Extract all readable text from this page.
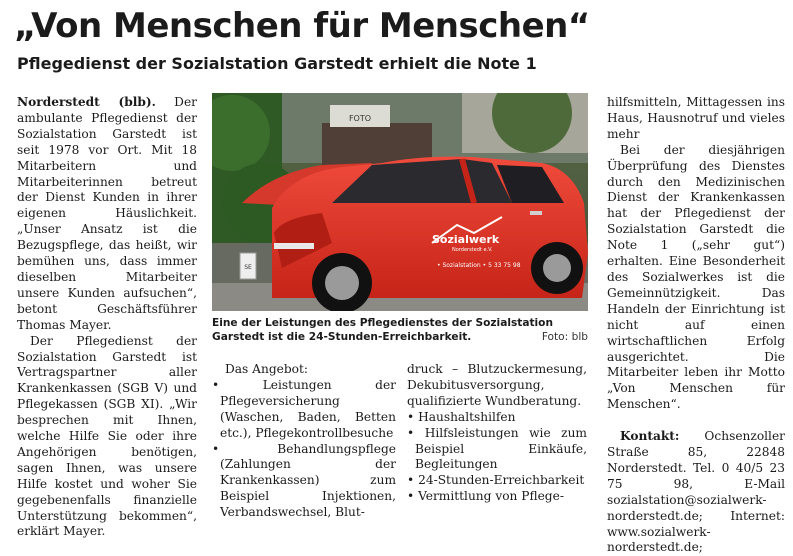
„Von Menschen für Menschen“
Pflegedienst der Sozialstation Garstedt erhielt die Note 1

Norderstedt (blb). Der ambulante Pflegedienst der Sozialstation Garstedt ist seit 1978 vor Ort. Mit 18 Mitarbeitern und Mitarbeiterinnen betreut der Dienst Kunden in ihrer eigenen Häuslichkeit. „Unser Ansatz ist die Bezugspflege, das heißt, wir bemühen uns, dass immer dieselben Mitarbeiter unsere Kunden aufsuchen“, betont Geschäftsführer Thomas Mayer.

Der Pflegedienst der Sozialstation Garstedt ist Vertragspartner aller Krankenkassen (SGB V) und Pflegekassen (SGB XI). „Wir besprechen mit Ihnen, welche Hilfe Sie oder ihre Angehörigen benötigen, sagen Ihnen, was unsere Hilfe kostet und woher Sie gegebenenfalls finanzielle Unterstützung bekommen“, erklärt Mayer.

FOTO
SE
Sozialwerk
Norderstedt e.V.
• Sozialstation • 5 33 75 98
Eine der Leistungen des Pflegedienstes der Sozialstation Garstedt ist die 24-Stunden-Erreichbarkeit.	Foto: blb

Das Angebot:

• Leistungen der Pflegeversicherung (Waschen, Baden, Betten etc.), Pflegekontrollbesuche

• Behandlungspflege (Zahlungen der Krankenkassen) zum Beispiel Injektionen, Verbandswechsel, Blut-

druck – Blutzuckermesung, Dekubitusversorgung, qualifizierte Wundberatung.

• Haushaltshilfen

• Hilfsleistungen wie zum Beispiel Einkäufe, Begleitungen

• 24-Stunden-Erreichbarkeit

• Vermittlung von Pflege-

hilfsmitteln, Mittagessen ins Haus, Hausnotruf und vieles mehr

Bei der diesjährigen Überprüfung des Dienstes durch den Medizinischen Dienst der Krankenkassen hat der Pflegedienst der Sozialstation Garstedt die Note 1 („sehr gut“) erhalten. Eine Besonderheit des Sozialwerkes ist die Gemeinnützigkeit. Das Handeln der Einrichtung ist nicht auf einen wirtschaftlichen Erfolg ausgerichtet. Die Mitarbeiter leben ihr Motto „Von Menschen für Menschen“.

Kontakt: Ochsenzoller Straße 85, 22848 Norderstedt. Tel. 0 40/5 23 75 98, E-Mail sozialstation@sozialwerk-norderstedt.de; Internet: www.sozialwerk-norderstedt.de;
